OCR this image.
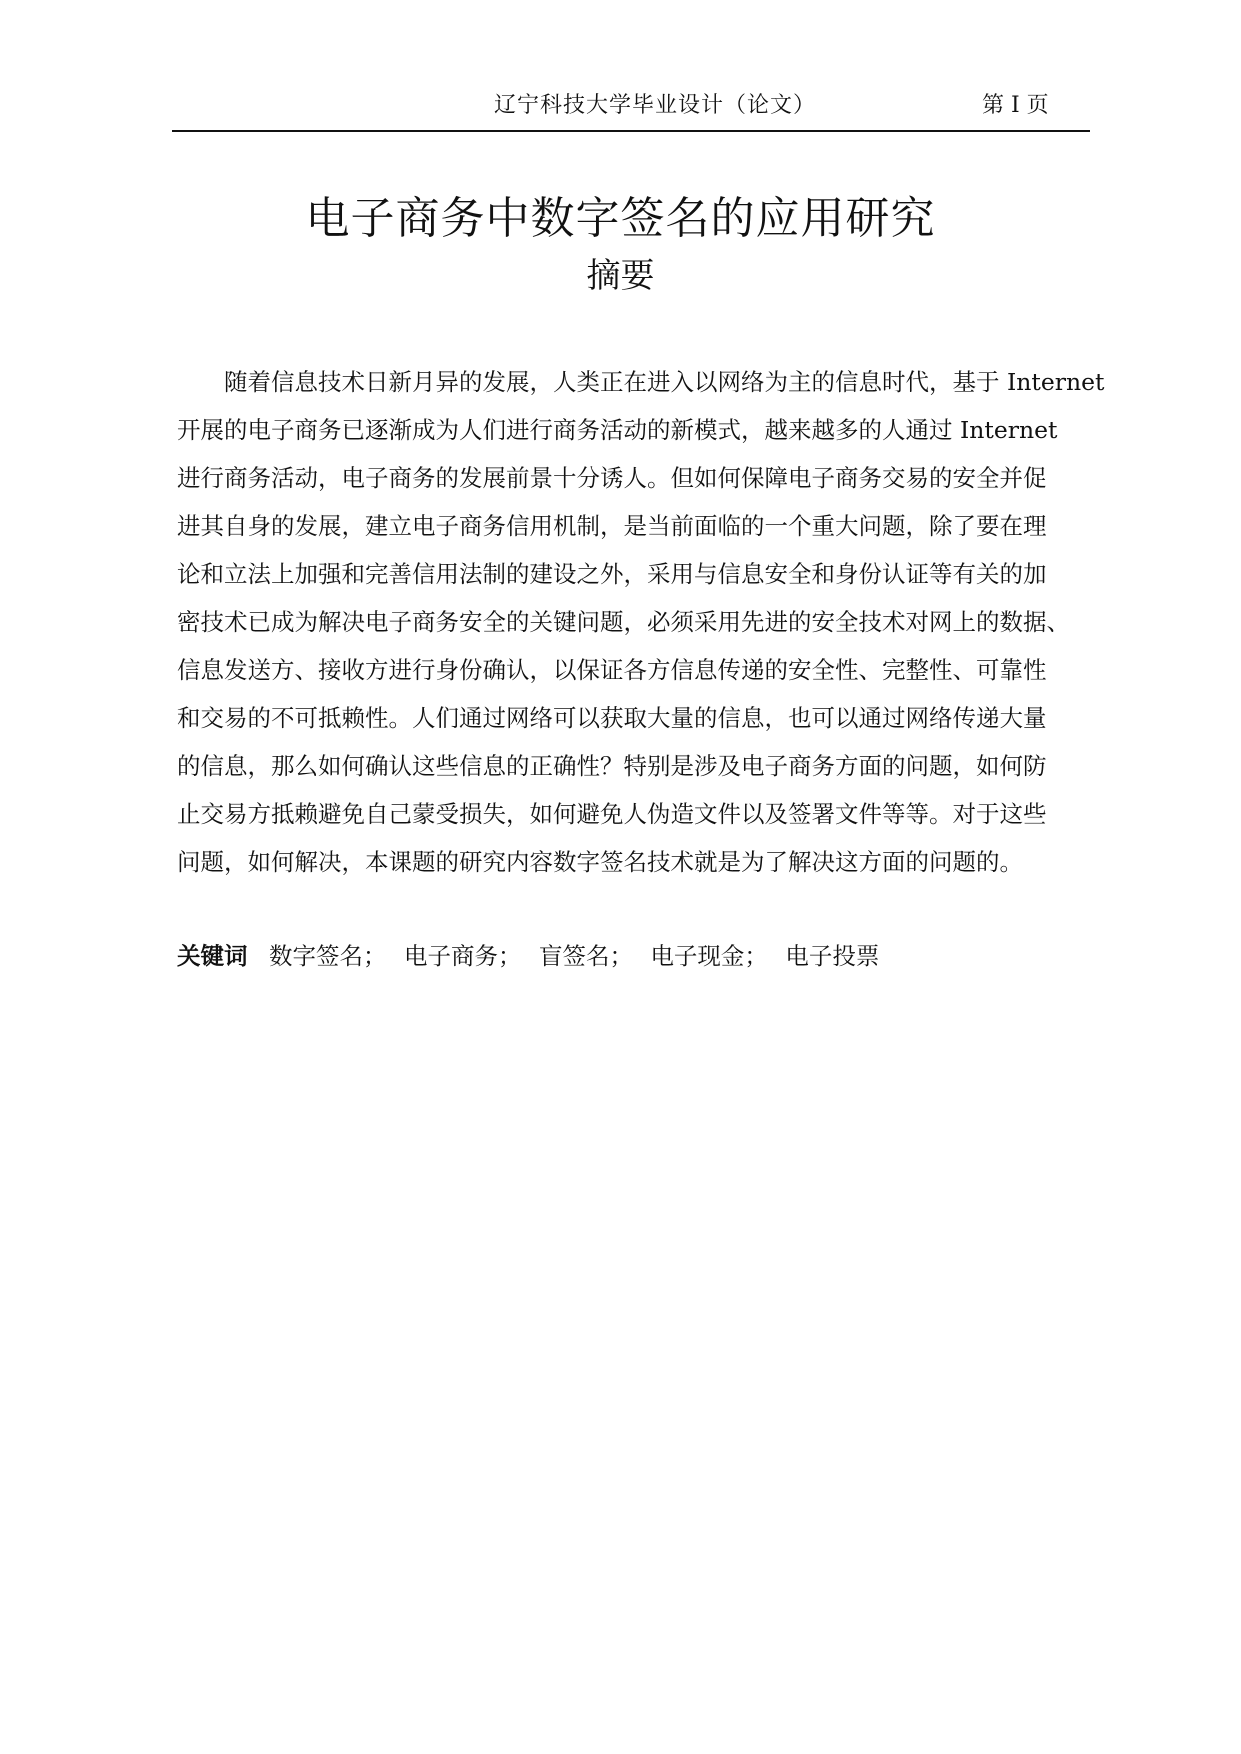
辽宁科技大学毕业设计（论文）	第 I 页
电子商务中数字签名的应用研究
摘要
　　随着信息技术日新月异的发展，人类正在进入以网络为主的信息时代，基于 Internet
开展的电子商务已逐渐成为人们进行商务活动的新模式，越来越多的人通过 Internet
进行商务活动，电子商务的发展前景十分诱人。但如何保障电子商务交易的安全并促
进其自身的发展，建立电子商务信用机制，是当前面临的一个重大问题，除了要在理
论和立法上加强和完善信用法制的建设之外，采用与信息安全和身份认证等有关的加
密技术已成为解决电子商务安全的关键问题，必须采用先进的安全技术对网上的数据、
信息发送方、接收方进行身份确认，以保证各方信息传递的安全性、完整性、可靠性
和交易的不可抵赖性。人们通过网络可以获取大量的信息，也可以通过网络传递大量
的信息，那么如何确认这些信息的正确性？特别是涉及电子商务方面的问题，如何防
止交易方抵赖避免自己蒙受损失，如何避免人伪造文件以及签署文件等等。对于这些
问题，如何解决，本课题的研究内容数字签名技术就是为了解决这方面的问题的。
关键词 数字签名； 电子商务； 盲签名； 电子现金； 电子投票
